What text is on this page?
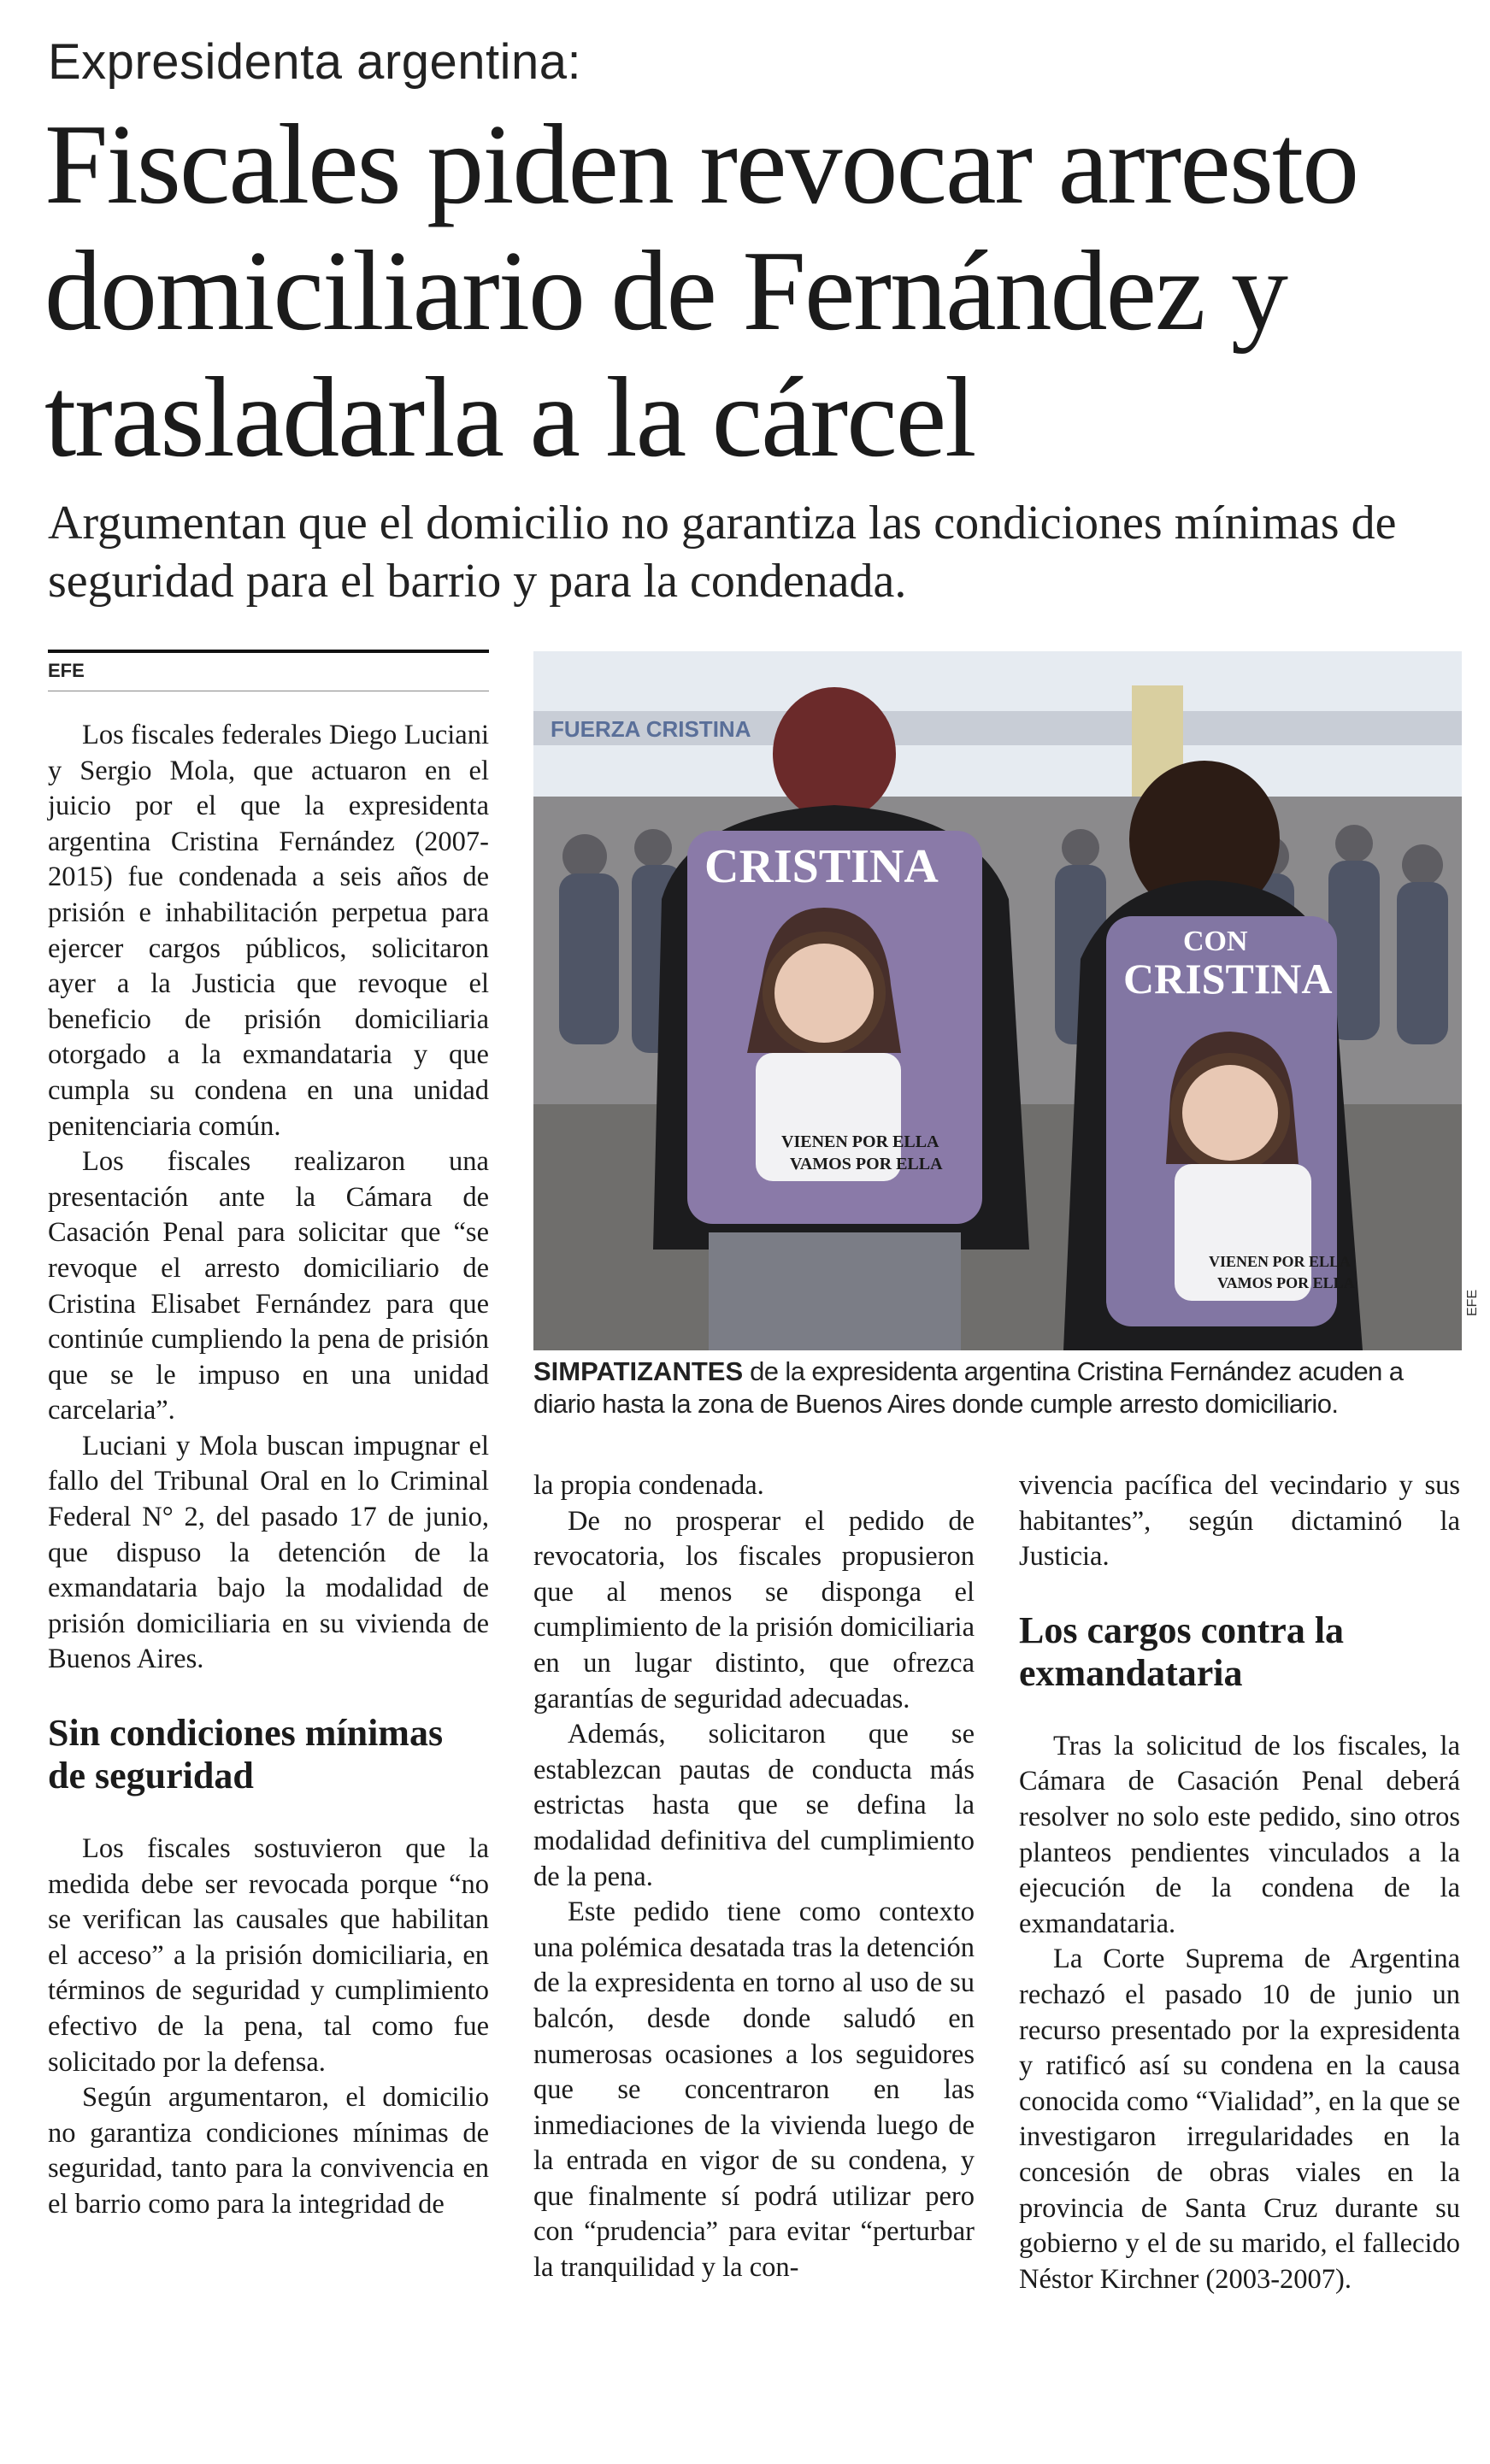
Expresidenta argentina:
Fiscales piden revocar arresto domiciliario de Fernández y trasladarla a la cárcel
Argumentan que el domicilio no garantiza las condiciones mínimas de seguridad para el barrio y para la condenada.
EFE

Los fiscales federales Diego Luciani y Sergio Mola, que actuaron en el juicio por el que la expresidenta argentina Cristina Fernández (2007-2015) fue condenada a seis años de prisión e inhabilitación perpetua para ejercer cargos públicos, solicitaron ayer a la Justicia que revoque el beneficio de prisión domiciliaria otorgado a la exmandataria y que cumpla su condena en una unidad penitenciaria común.

Los fiscales realizaron una presentación ante la Cámara de Casación Penal para solicitar que “se revoque el arresto domiciliario de Cristina Elisabet Fernández para que continúe cumpliendo la pena de prisión que se le impuso en una unidad carcelaria”.

Luciani y Mola buscan impugnar el fallo del Tribunal Oral en lo Criminal Federal N° 2, del pasado 17 de junio, que dispuso la detención de la exmandataria bajo la modalidad de prisión domiciliaria en su vivienda de Buenos Aires.

Sin condiciones mínimas de seguridad

Los fiscales sostuvieron que la medida debe ser revocada porque “no se verifican las causales que habilitan el acceso” a la prisión domiciliaria, en términos de seguridad y cumplimiento efectivo de la pena, tal como fue solicitado por la defensa.

Según argumentaron, el domicilio no garantiza condiciones mínimas de seguridad, tanto para la convivencia en el barrio como para la integridad de

FUERZA CRISTINA
CRISTINA
VIENEN POR ELLA
VAMOS POR ELLA
CON
CRISTINA
VIENEN POR ELLA
VAMOS POR ELLA
EFE
SIMPATIZANTES de la expresidenta argentina Cristina Fernández acuden a diario hasta la zona de Buenos Aires donde cumple arresto domiciliario.

la propia condenada.

De no prosperar el pedido de revocatoria, los fiscales propusieron que al menos se disponga el cumplimiento de la prisión domiciliaria en un lugar distinto, que ofrezca garantías de seguridad adecuadas.

Además, solicitaron que se establezcan pautas de conducta más estrictas hasta que se defina la modalidad definitiva del cumplimiento de la pena.

Este pedido tiene como contexto una polémica desatada tras la detención de la expresidenta en torno al uso de su balcón, desde donde saludó en numerosas ocasiones a los seguidores que se concentraron en las inmediaciones de la vivienda luego de la entrada en vigor de su condena, y que finalmente sí podrá utilizar pero con “prudencia” para evitar “perturbar la tranquilidad y la con-

vivencia pacífica del vecindario y sus habitantes”, según dictaminó la Justicia.

Los cargos contra la exmandataria

Tras la solicitud de los fiscales, la Cámara de Casación Penal deberá resolver no solo este pedido, sino otros planteos pendientes vinculados a la ejecución de la condena de la exmandataria.

La Corte Suprema de Argentina rechazó el pasado 10 de junio un recurso presentado por la expresidenta y ratificó así su condena en la causa conocida como “Vialidad”, en la que se investigaron irregularidades en la concesión de obras viales en la provincia de Santa Cruz durante su gobierno y el de su marido, el fallecido Néstor Kirchner (2003-2007).
